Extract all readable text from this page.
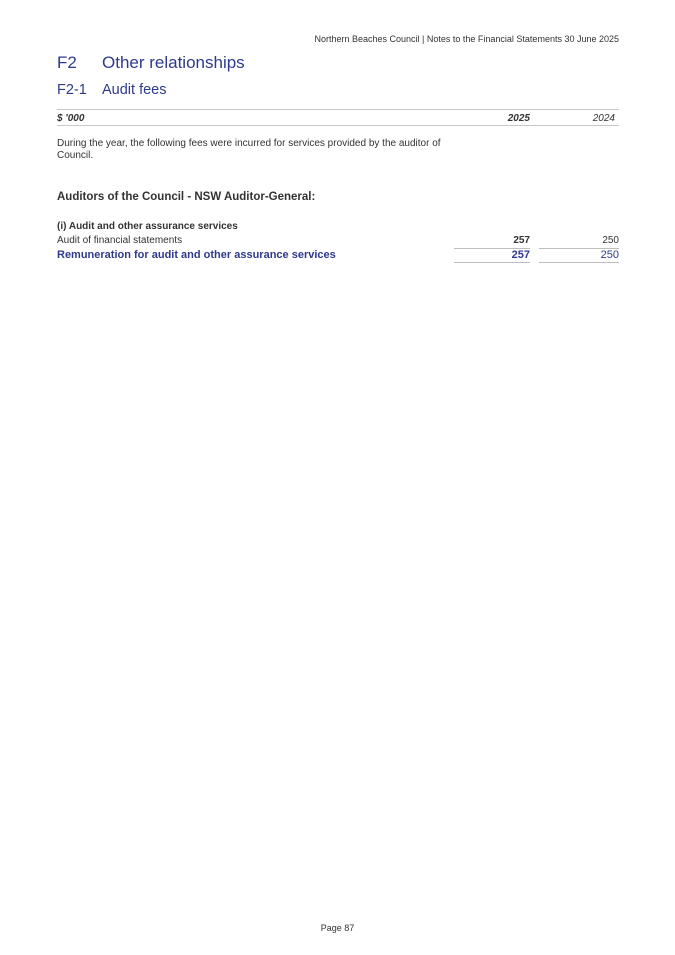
Northern Beaches Council | Notes to the Financial Statements 30 June 2025
F2 Other relationships
F2-1 Audit fees
$ '000	2025	2024
During the year, the following fees were incurred for services provided by the auditor of Council.
Auditors of the Council - NSW Auditor-General:
(i) Audit and other assurance services
Audit of financial statements	257	250
Remuneration for audit and other assurance services	257	250
Page 87
